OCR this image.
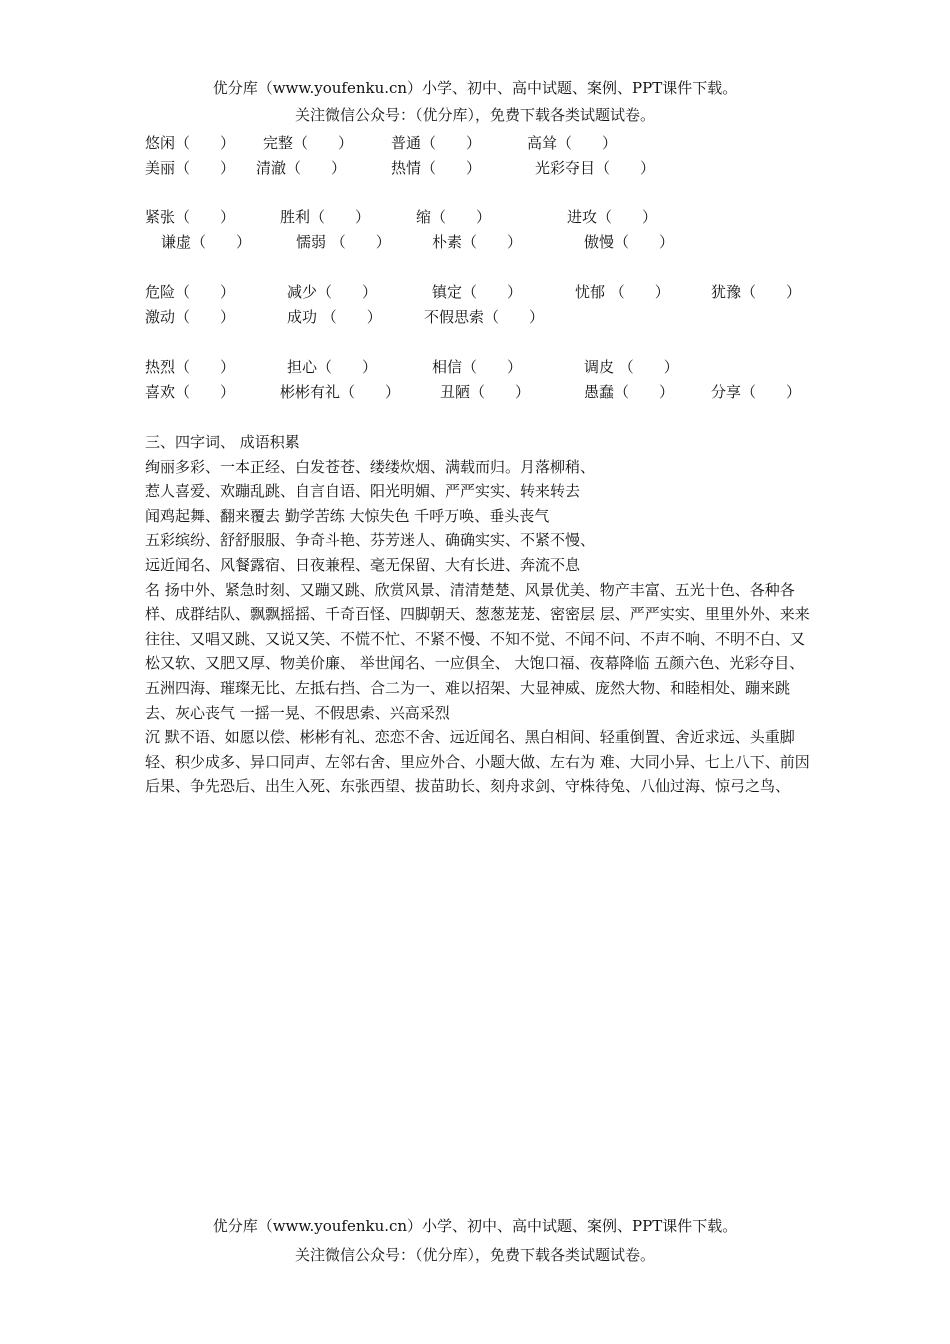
优分库（www.youfenku.cn）小学、初中、高中试题、案例、PPT课件下载。
关注微信公众号：（优分库），免费下载各类试题试卷。
悠闲（　　） 完整（　　）	普通（　　）	高耸（　　）
美丽（　　） 清澈（　　）	热情（　　）	光彩夺目（　　）
紧张（　　）	胜利（　　）	缩（　　）	进攻（　　）
谦虚（　　）	懦弱 （　　）	朴素（　　）	傲慢（　　）
危险（　　）	减少（　　）	镇定（　　）	忧郁 （　　）	犹豫（　　）
激动（　　）	成功 （　　）	不假思索（　　）
热烈（　　）	担心（　　）	相信（　　）	调皮 （　　）
喜欢（　　）	彬彬有礼（　　）	丑陋（　　）	愚蠢（　　） 分享（　　）

三、四字词、 成语积累

绚丽多彩、一本正经、白发苍苍、缕缕炊烟、满载而归。月落柳稍、

惹人喜爱、欢蹦乱跳、自言自语、阳光明媚、严严实实、转来转去

闻鸡起舞、翻来覆去 勤学苦练 大惊失色 千呼万唤、垂头丧气

五彩缤纷、舒舒服服、争奇斗艳、芬芳迷人、确确实实、不紧不慢、

远近闻名、风餐露宿、日夜兼程、毫无保留、大有长进、奔流不息

名 扬中外、紧急时刻、又蹦又跳、欣赏风景、清清楚楚、风景优美、物产丰富、五光十色、各种各样、成群结队、飘飘摇摇、千奇百怪、四脚朝天、葱葱茏茏、密密层 层、严严实实、里里外外、来来往往、又唱又跳、又说又笑、不慌不忙、不紧不慢、不知不觉、不闻不问、不声不响、不明不白、又松又软、又肥又厚、物美价廉、 举世闻名、一应俱全、 大饱口福、夜幕降临 五颜六色、光彩夺目、五洲四海、璀璨无比、左抵右挡、合二为一、难以招架、大显神威、庞然大物、和睦相处、蹦来跳去、灰心丧气 一摇一晃、不假思索、兴高采烈

沉 默不语、如愿以偿、彬彬有礼、恋恋不舍、远近闻名、黑白相间、轻重倒置、舍近求远、头重脚轻、积少成多、异口同声、左邻右舍、里应外合、小题大做、左右为 难、大同小异、七上八下、前因后果、争先恐后、出生入死、东张西望、拔苗助长、刻舟求剑、守株待兔、八仙过海、惊弓之鸟、

优分库（www.youfenku.cn）小学、初中、高中试题、案例、PPT课件下载。
关注微信公众号：（优分库），免费下载各类试题试卷。
